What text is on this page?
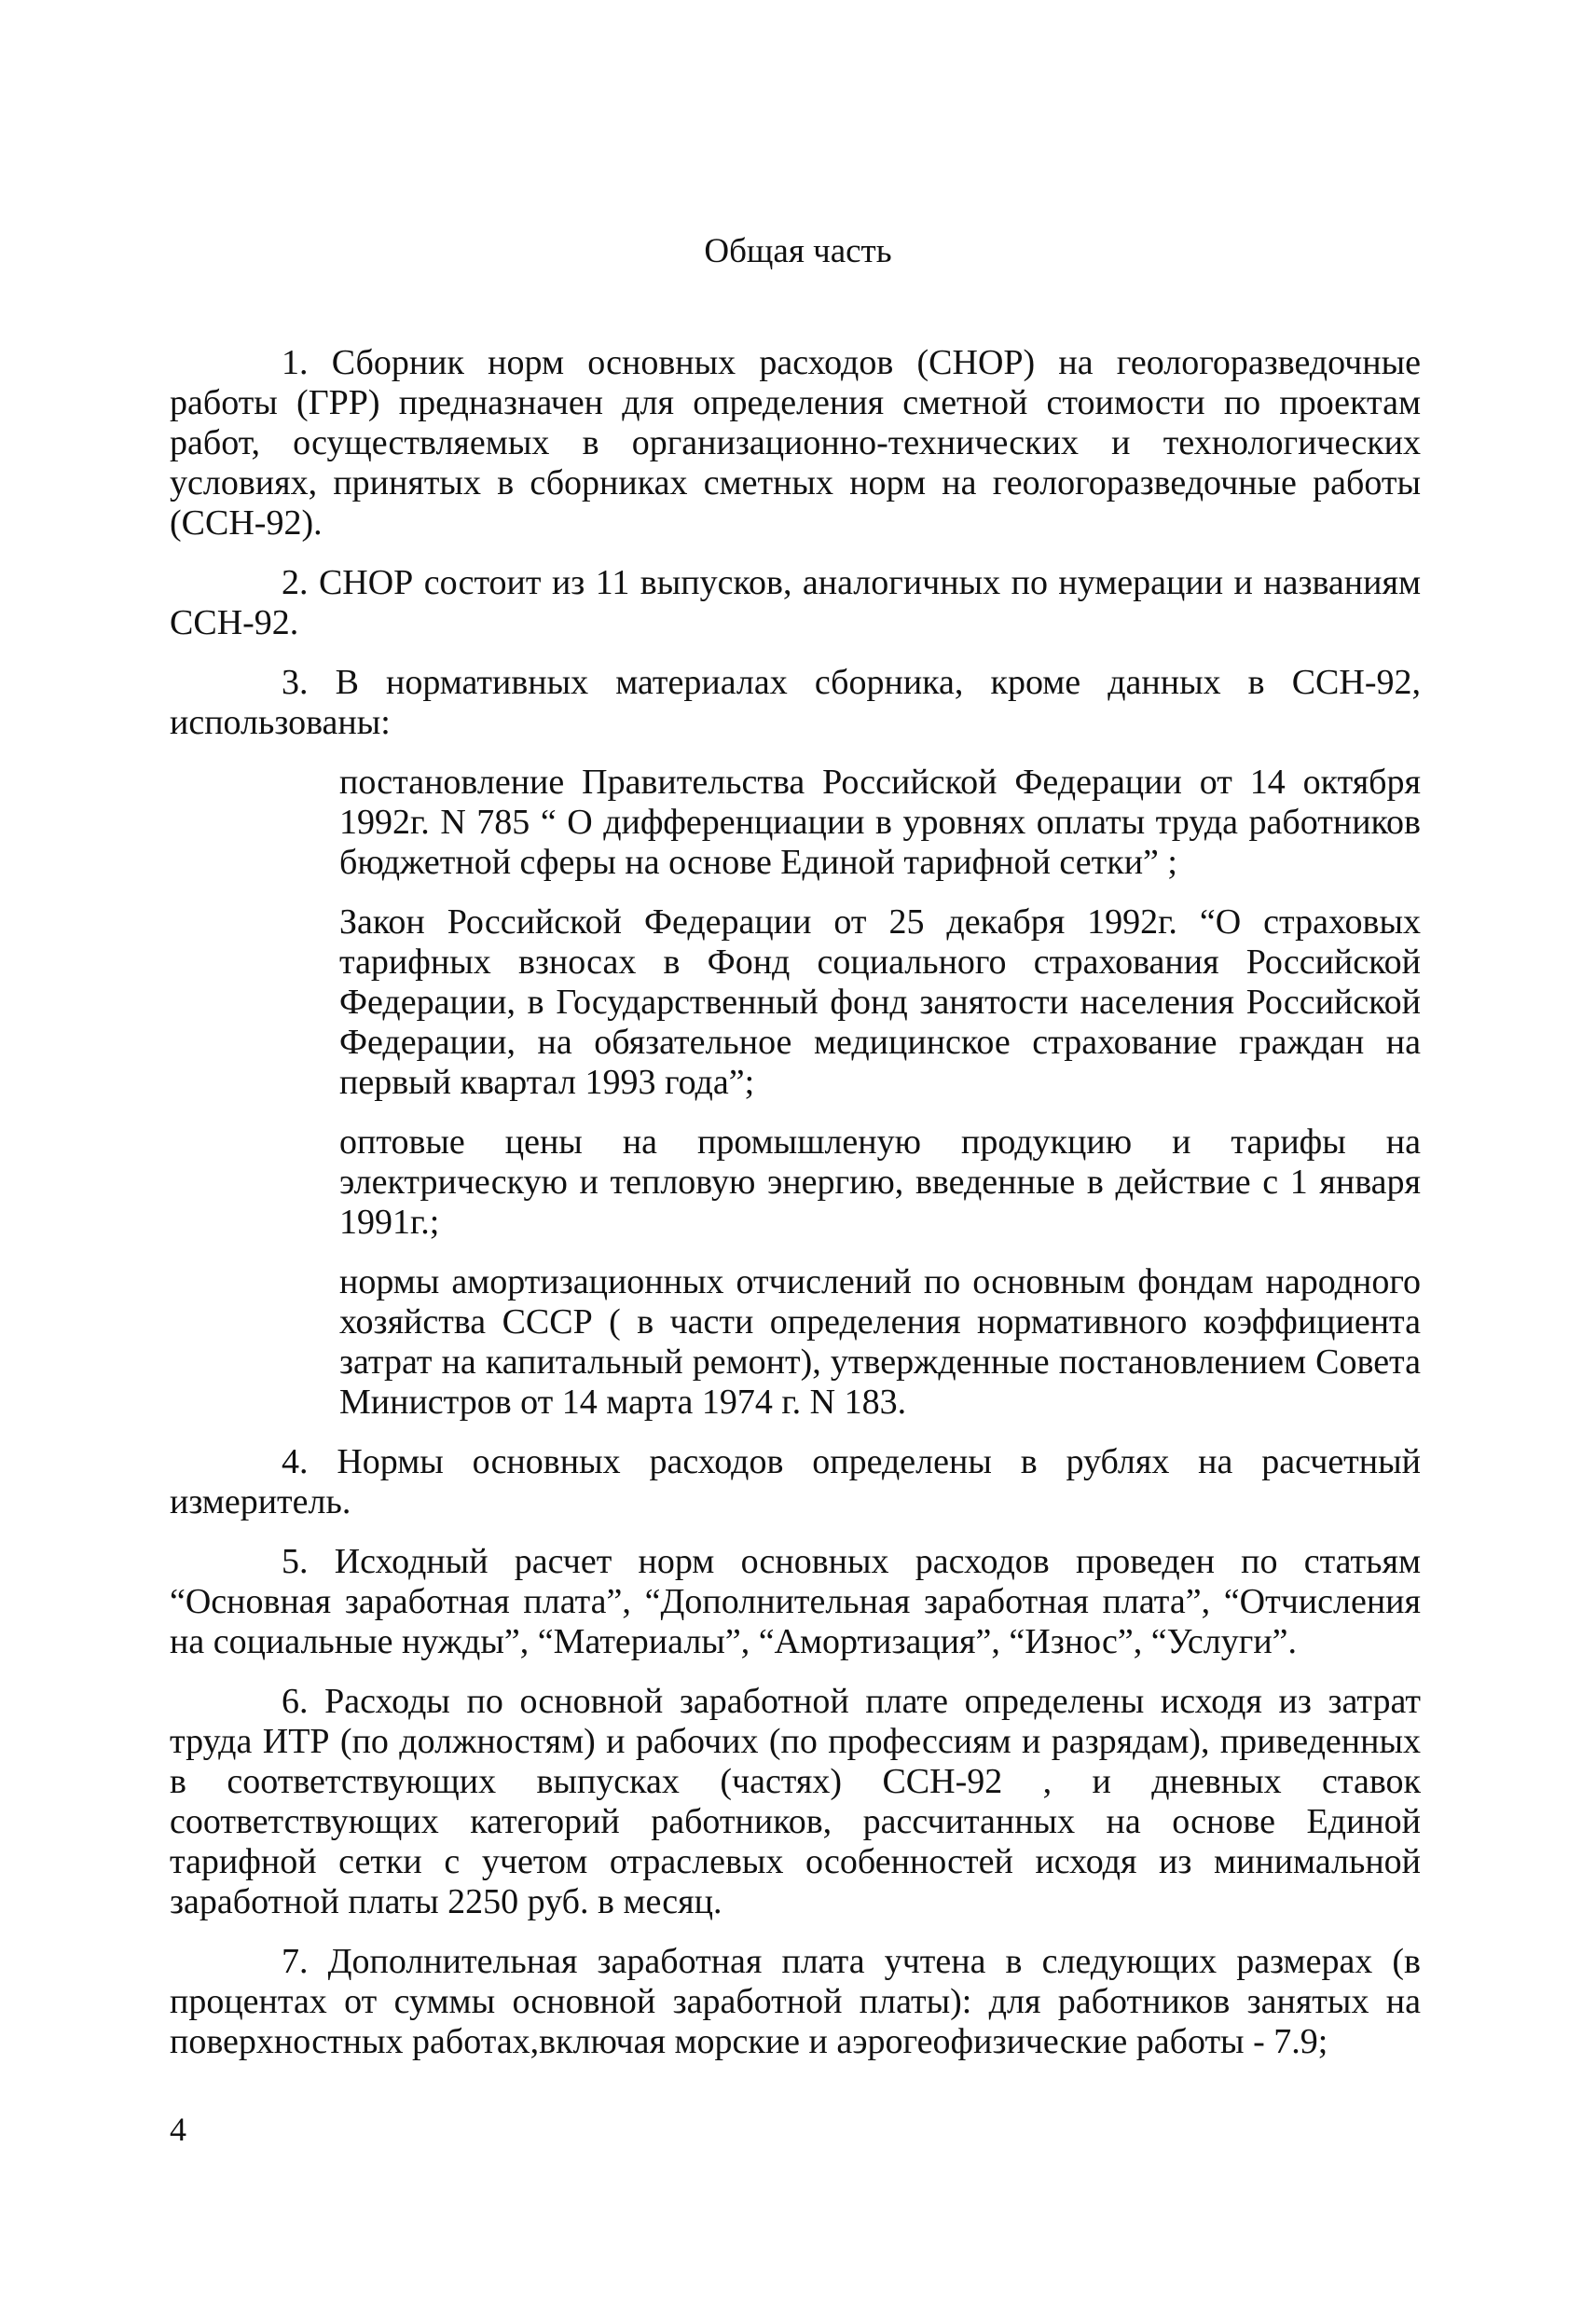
Общая часть

1. Сборник норм основных расходов (СНОР) на геологоразведочные работы (ГРР) предназначен для определения сметной стоимости по проектам работ, осуществляемых в организационно-технических и технологических условиях, принятых в сборниках сметных норм на геологоразведочные работы (ССН-92).

2. СНОР состоит из 11 выпусков, аналогичных по нумерации и названиям ССН-92.

3. В нормативных материалах сборника, кроме данных в ССН-92, использованы:

постановление Правительства Российской Федерации от 14 октября 1992г. N 785 “ О дифференциации в уровнях оплаты труда работников бюджетной сферы на основе Единой тарифной сетки” ;

Закон Российской Федерации от 25 декабря 1992г. “О страховых тарифных взносах в Фонд социального страхования Российской Федерации, в Государственный фонд занятости населения Российской Федерации, на обязательное медицинское страхование граждан на первый квартал 1993 года”;

оптовые цены на промышленую продукцию и тарифы на электрическую и тепловую энергию, введенные в действие с 1 января 1991г.;

нормы амортизационных отчислений по основным фондам народного хозяйства СССР ( в части определения нормативного коэффициента затрат на капитальный ремонт), утвержденные постановлением Совета Министров от 14 марта 1974 г. N 183.

4. Нормы основных расходов определены в рублях на расчетный измеритель.

5. Исходный расчет норм основных расходов проведен по статьям “Основная заработная плата”, “Дополнительная заработная плата”, “Отчисления на социальные нужды”, “Материалы”, “Амортизация”, “Износ”, “Услуги”.

6. Расходы по основной заработной плате определены исходя из затрат труда ИТР (по должностям) и рабочих (по профессиям и разрядам), приведенных в соответствующих выпусках (частях) ССН-92 , и дневных ставок соответствующих категорий работников, рассчитанных на основе Единой тарифной сетки с учетом отраслевых особенностей исходя из минимальной заработной платы 2250 руб. в месяц.

7. Дополнительная заработная плата учтена в следующих размерах (в процентах от суммы основной заработной платы): для работников занятых на поверхностных работах,включая морские и аэрогеофизические работы - 7.9;

4
